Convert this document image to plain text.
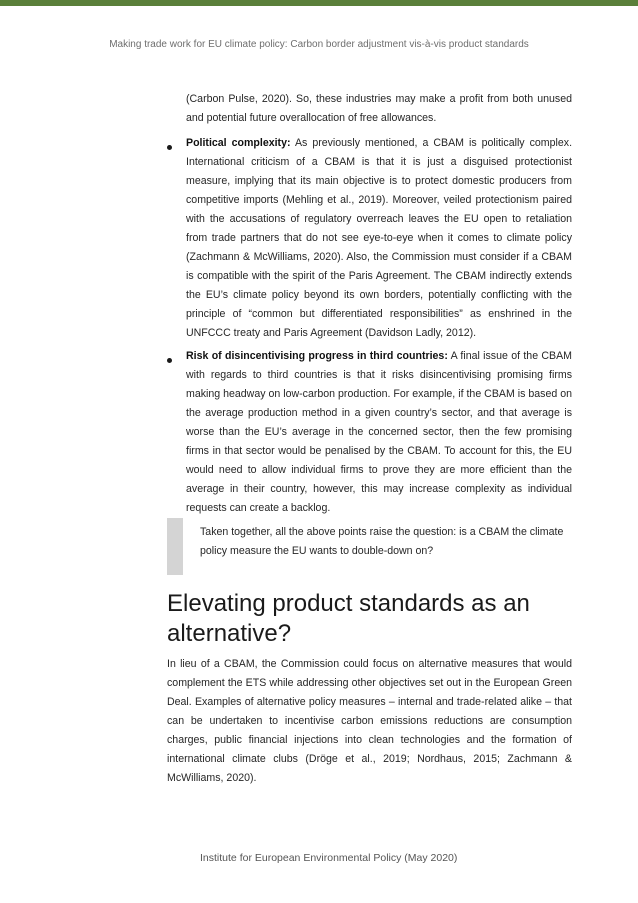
Making trade work for EU climate policy: Carbon border adjustment vis-à-vis product standards

(Carbon Pulse, 2020). So, these industries may make a profit from both unused and potential future overallocation of free allowances.

Political complexity: As previously mentioned, a CBAM is politically complex. International criticism of a CBAM is that it is just a disguised protectionist measure, implying that its main objective is to protect domestic producers from competitive imports (Mehling et al., 2019). Moreover, veiled protectionism paired with the accusations of regulatory overreach leaves the EU open to retaliation from trade partners that do not see eye-to-eye when it comes to climate policy (Zachmann & McWilliams, 2020). Also, the Commission must consider if a CBAM is compatible with the spirit of the Paris Agreement. The CBAM indirectly extends the EU’s climate policy beyond its own borders, potentially conflicting with the principle of “common but differentiated responsibilities” as enshrined in the UNFCCC treaty and Paris Agreement (Davidson Ladly, 2012).

Risk of disincentivising progress in third countries: A final issue of the CBAM with regards to third countries is that it risks disincentivising promising firms making headway on low-carbon production. For example, if the CBAM is based on the average production method in a given country’s sector, and that average is worse than the EU’s average in the concerned sector, then the few promising firms in that sector would be penalised by the CBAM. To account for this, the EU would need to allow individual firms to prove they are more efficient than the average in their country, however, this may increase complexity as individual requests can create a backlog.

Taken together, all the above points raise the question: is a CBAM the climate policy measure the EU wants to double-down on?

Elevating product standards as an alternative?

In lieu of a CBAM, the Commission could focus on alternative measures that would complement the ETS while addressing other objectives set out in the European Green Deal. Examples of alternative policy measures – internal and trade-related alike – that can be undertaken to incentivise carbon emissions reductions are consumption charges, public financial injections into clean technologies and the formation of international climate clubs (Dröge et al., 2019; Nordhaus, 2015; Zachmann & McWilliams, 2020).

Institute for European Environmental Policy (May 2020)
